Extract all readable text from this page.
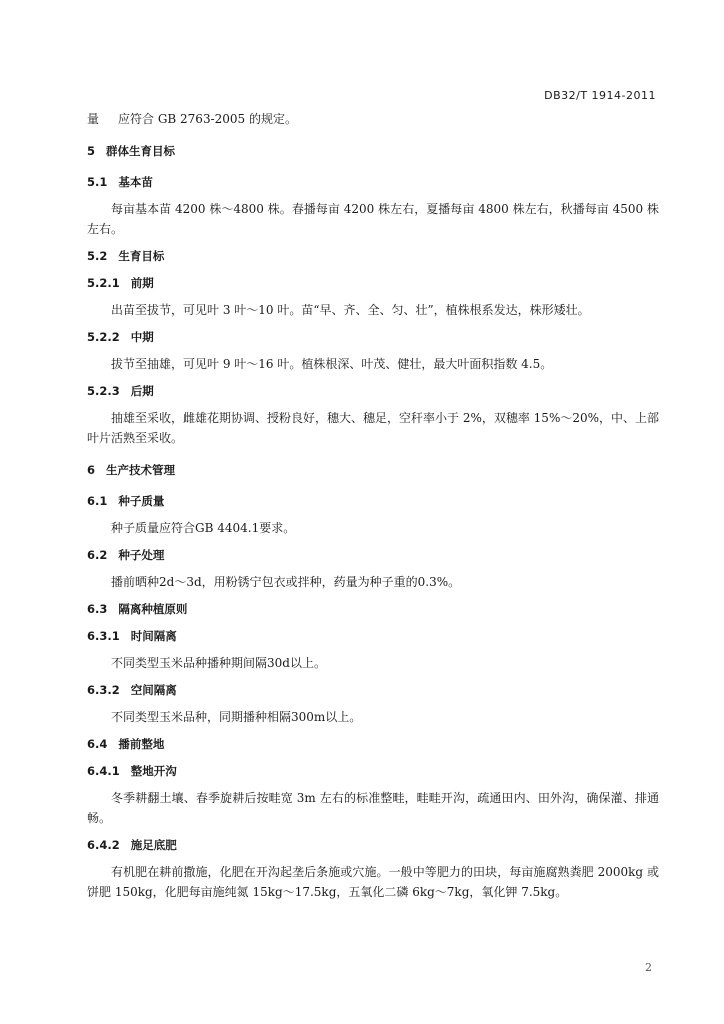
DB32/T 1914-2011

量 应符合 GB 2763-2005 的规定。

5 群体生育目标
5.1 基本苗

每亩基本苗 4200 株～4800 株。春播每亩 4200 株左右，夏播每亩 4800 株左右，秋播每亩 4500 株左右。

5.2 生育目标
5.2.1 前期

出苗至拔节，可见叶 3 叶～10 叶。苗“早、齐、全、匀、壮”，植株根系发达，株形矮壮。

5.2.2 中期

拔节至抽雄，可见叶 9 叶～16 叶。植株根深、叶茂、健壮，最大叶面积指数 4.5。

5.2.3 后期

抽雄至采收，雌雄花期协调、授粉良好，穗大、穗足，空秆率小于 2%，双穗率 15%～20%，中、上部叶片活熟至采收。

6 生产技术管理
6.1 种子质量

种子质量应符合GB 4404.1要求。

6.2 种子处理

播前晒种2d～3d，用粉锈宁包衣或拌种，药量为种子重的0.3%。

6.3 隔离种植原则
6.3.1 时间隔离

不同类型玉米品种播种期间隔30d以上。

6.3.2 空间隔离

不同类型玉米品种，同期播种相隔300m以上。

6.4 播前整地
6.4.1 整地开沟

冬季耕翻土壤、春季旋耕后按畦宽 3m 左右的标准整畦，畦畦开沟，疏通田内、田外沟，确保灌、排通畅。

6.4.2 施足底肥

有机肥在耕前撒施，化肥在开沟起垄后条施或穴施。一般中等肥力的田块，每亩施腐熟粪肥 2000kg 或饼肥 150kg，化肥每亩施纯氮 15kg～17.5kg，五氧化二磷 6kg～7kg，氧化钾 7.5kg。

2
